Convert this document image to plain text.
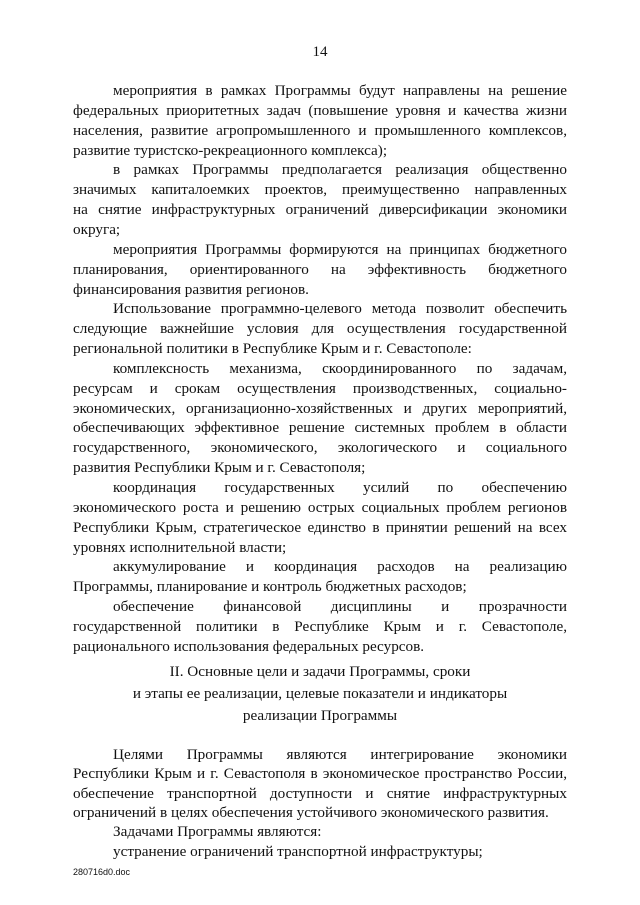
14
мероприятия в рамках Программы будут направлены на решение
федеральных приоритетных задач (повышение уровня и качества жизни
населения, развитие агропромышленного и промышленного комплексов,
развитие туристско-рекреационного комплекса);
в рамках Программы предполагается реализация общественно
значимых капиталоемких проектов, преимущественно направленных
на снятие инфраструктурных ограничений диверсификации экономики
округа;
мероприятия Программы формируются на принципах бюджетного
планирования, ориентированного на эффективность бюджетного
финансирования развития регионов.
Использование программно-целевого метода позволит обеспечить
следующие важнейшие условия для осуществления государственной
региональной политики в Республике Крым и г. Севастополе:
комплексность механизма, скоординированного по задачам,
ресурсам и срокам осуществления производственных, социально-
экономических, организационно-хозяйственных и других мероприятий,
обеспечивающих эффективное решение системных проблем в области
государственного, экономического, экологического и социального
развития Республики Крым и г. Севастополя;
координация государственных усилий по обеспечению
экономического роста и решению острых социальных проблем регионов
Республики Крым, стратегическое единство в принятии решений на всех
уровнях исполнительной власти;
аккумулирование и координация расходов на реализацию
Программы, планирование и контроль бюджетных расходов;
обеспечение финансовой дисциплины и прозрачности
государственной политики в Республике Крым и г. Севастополе,
рационального использования федеральных ресурсов.
II. Основные цели и задачи Программы, сроки
и этапы ее реализации, целевые показатели и индикаторы
реализации Программы
Целями Программы являются интегрирование экономики
Республики Крым и г. Севастополя в экономическое пространство России,
обеспечение транспортной доступности и снятие инфраструктурных
ограничений в целях обеспечения устойчивого экономического развития.
Задачами Программы являются:
устранение ограничений транспортной инфраструктуры;
280716d0.doc
